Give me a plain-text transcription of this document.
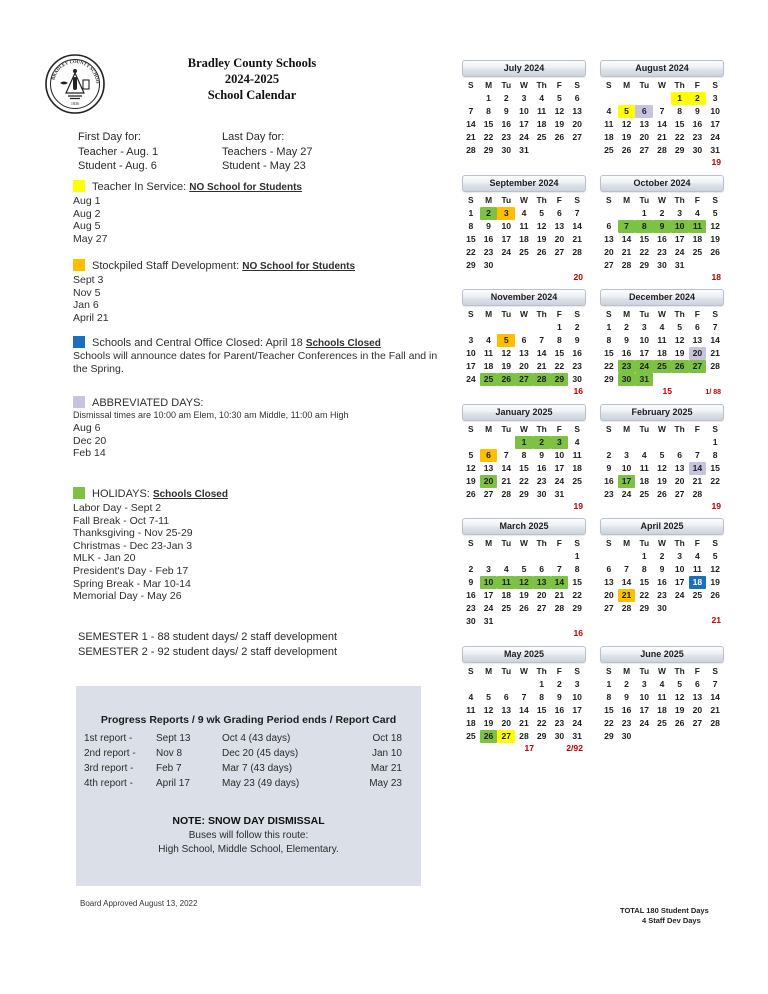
1836
BRADLEY COUNTY SCHOO
Bradley County Schools
2024-2025
School Calendar
First Day for:
Teacher - Aug. 1
Student - Aug. 6
Last Day for:
Teachers - May 27
Student - May 23
Teacher In Service: NO School for Students
Aug 1
Aug 2
Aug 5
May 27
Stockpiled Staff Development: NO School for Students
Sept 3
Nov 5
Jan 6
April 21
Schools and Central Office Closed: April 18 Schools Closed
Schools will announce dates for Parent/Teacher Conferences in the Fall and in the Spring.
ABBREVIATED DAYS:
Dismissal times are 10:00 am Elem, 10:30 am Middle, 11:00 am High
Aug 6
Dec 20
Feb 14
HOLIDAYS: Schools Closed
Labor Day - Sept 2
Fall Break - Oct 7-11
Thanksgiving - Nov 25-29
Christmas - Dec 23-Jan 3
MLK - Jan 20
President's Day - Feb 17
Spring Break - Mar 10-14
Memorial Day - May 26
SEMESTER 1 - 88 student days/ 2 staff development
SEMESTER 2 - 92 student days/ 2 staff development
Progress Reports / 9 wk Grading Period ends / Report Card
1st report -	Sept 13	Oct 4 (43 days)	Oct 18
2nd report -	Nov 8	Dec 20 (45 days)	Jan 10
3rd report -	Feb 7	Mar 7 (43 days)	Mar 21
4th report -	April 17	May 23 (49 days)	May 23
NOTE: SNOW DAY DISMISSAL
Buses will follow this route:
High School, Middle School, Elementary.
Board Approved August 13, 2022
July 2024
S	M	Tu	W	Th	F	S
	1	2	3	4	5	6
7	8	9	10	11	12	13
14	15	16	17	18	19	20
21	22	23	24	25	26	27
28	29	30	31			
August 2024
S	M	Tu	W	Th	F	S
				1	2	3
4	5	6	7	8	9	10
11	12	13	14	15	16	17
18	19	20	21	22	23	24
25	26	27	28	29	30	31
19
September 2024
S	M	Tu	W	Th	F	S
1	2	3	4	5	6	7
8	9	10	11	12	13	14
15	16	17	18	19	20	21
22	23	24	25	26	27	28
29	30					
20
October 2024
S	M	Tu	W	Th	F	S
		1	2	3	4	5
6	7	8	9	10	11	12
13	14	15	16	17	18	19
20	21	22	23	24	25	26
27	28	29	30	31		
18
November 2024
S	M	Tu	W	Th	F	S
					1	2
3	4	5	6	7	8	9
10	11	12	13	14	15	16
17	18	19	20	21	22	23
24	25	26	27	28	29	30
16
December 2024
S	M	Tu	W	Th	F	S
1	2	3	4	5	6	7
8	9	10	11	12	13	14
15	16	17	18	19	20	21
22	23	24	25	26	27	28
29	30	31				
15	1/ 88
January 2025
S	M	Tu	W	Th	F	S
			1	2	3	4
5	6	7	8	9	10	11
12	13	14	15	16	17	18
19	20	21	22	23	24	25
26	27	28	29	30	31	
19
February 2025
S	M	Tu	W	Th	F	S
						1
2	3	4	5	6	7	8
9	10	11	12	13	14	15
16	17	18	19	20	21	22
23	24	25	26	27	28	
19
March 2025
S	M	Tu	W	Th	F	S
						1
2	3	4	5	6	7	8
9	10	11	12	13	14	15
16	17	18	19	20	21	22
23	24	25	26	27	28	29
30	31					
16
April 2025
S	M	Tu	W	Th	F	S
		1	2	3	4	5
6	7	8	9	10	11	12
13	14	15	16	17	18	19
20	21	22	23	24	25	26
27	28	29	30			
21
May 2025
S	M	Tu	W	Th	F	S
				1	2	3
4	5	6	7	8	9	10
11	12	13	14	15	16	17
18	19	20	21	22	23	24
25	26	27	28	29	30	31
17	2/92
June 2025
S	M	Tu	W	Th	F	S
1	2	3	4	5	6	7
8	9	10	11	12	13	14
15	16	17	18	19	20	21
22	23	24	25	26	27	28
29	30					
TOTAL 180 Student Days
4 Staff Dev Days
